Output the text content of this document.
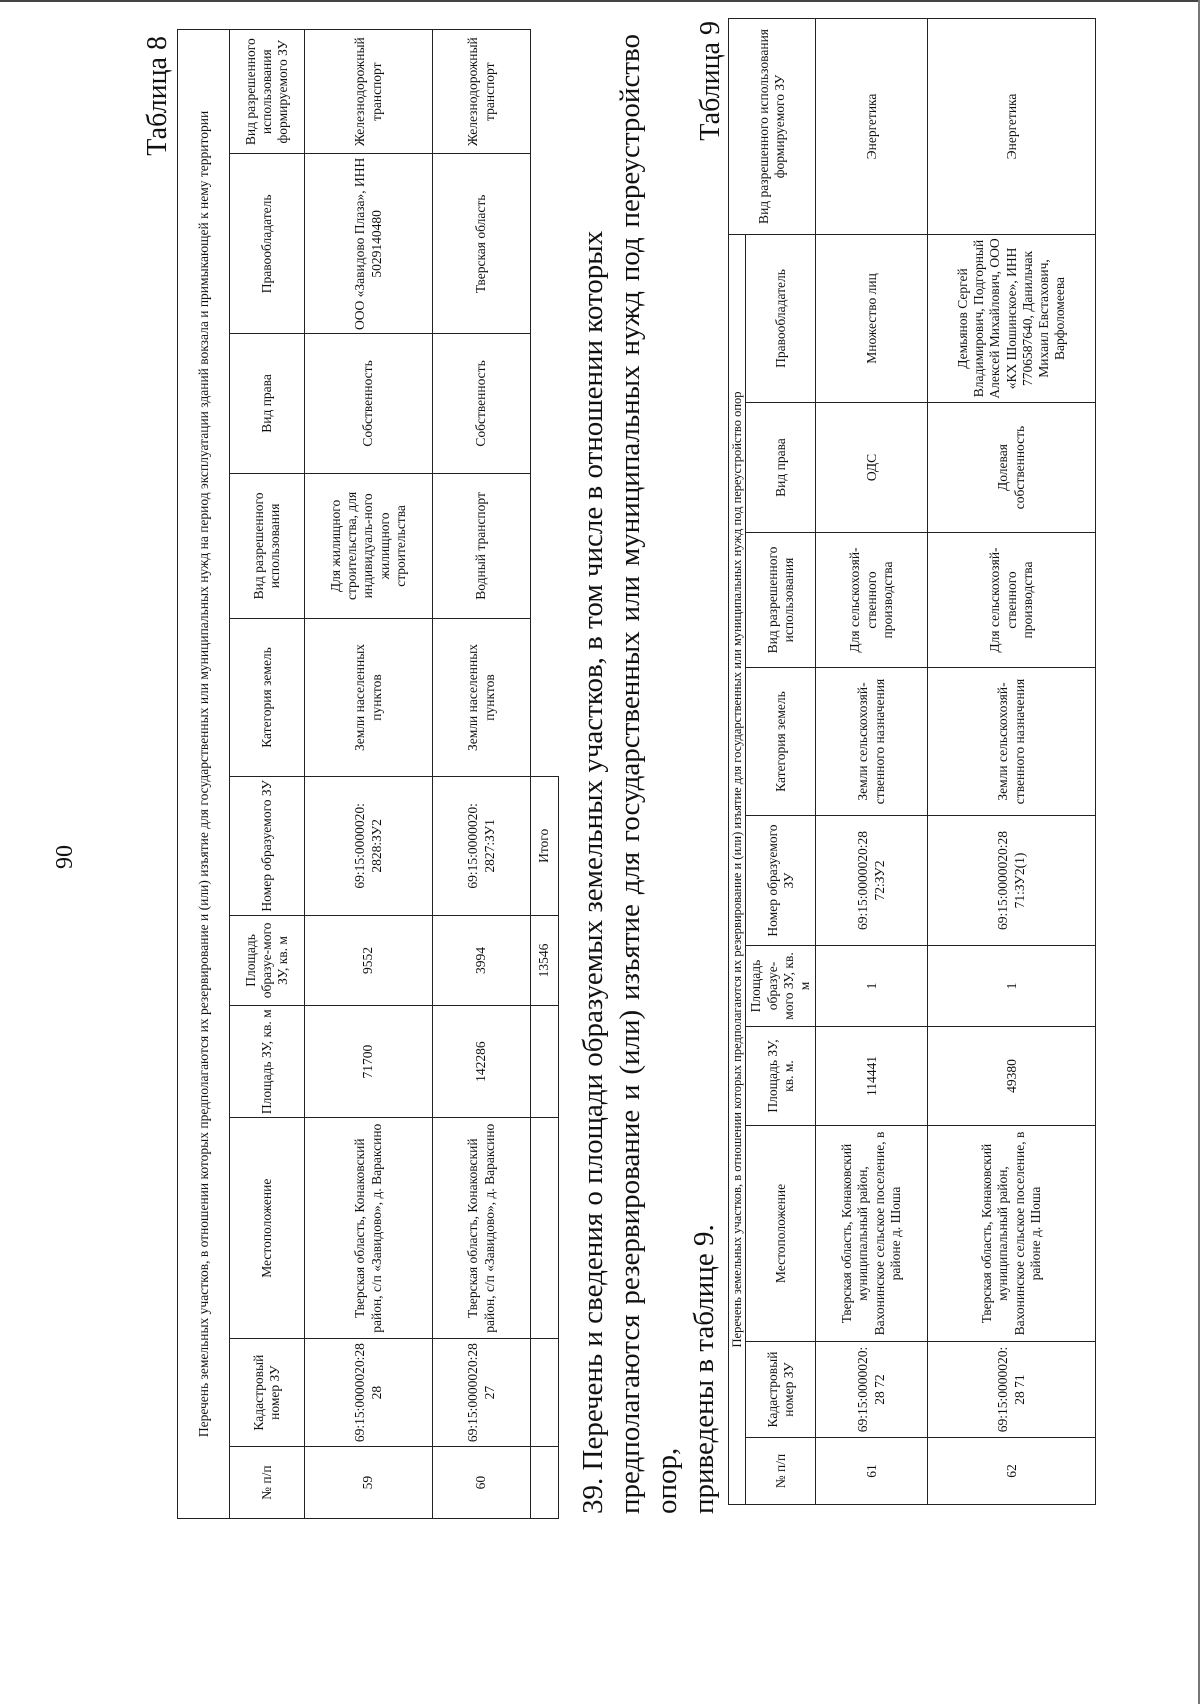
90
Таблица 8
Перечень земельных участков, в отношении которых предполагаются их резервирование и (или) изъятие для государственных или муниципальных нужд на период эксплуатации зданий вокзала и примыкающей к нему территории										
№ п/п	Кадастровый номер ЗУ	Местоположение	Площадь ЗУ, кв. м	Площадь образуе-мого ЗУ, кв. м	Номер образуемого ЗУ	Категория земель	Вид разрешенного использования	Вид права	Правообладатель	Вид разрешенного использования формируемого ЗУ
59	69:15:0000020:28 28	Тверская область, Конаковский район, с/п «Завидово», д. Вараксино	71700	9552	69:15:0000020: 2828:ЗУ2	Земли населенных пунктов	Для жилищного строительства, для индивидуаль-ного жилищного строительства	Собственность	ООО «Завидово Плаза», ИНН 5029140480	Железнодорожный транспорт
60	69:15:0000020:28 27	Тверская область, Конаковский район, с/п «Завидово», д. Вараксино	142286	3994	69:15:0000020: 2827:ЗУ1	Земли населенных пунктов	Водный транспорт	Собственность	Тверская область	Железнодорожный транспорт
				13546	Итого					39. Перечень и сведения о площади образуемых земельных участков, в том числе в отношении которых предполагаются резервирование и (или) изъятие для государственных или муниципальных нужд под переустройство опор, приведены в таблице 9.

Таблица 9
Перечень земельных участков, в отношении которых предполагаются их резервирование и (или) изъятие для государственных или муниципальных нужд под переустройство опор										Вид разрешенного использования формируемого ЗУ
№ п/п	Кадастровый номер ЗУ	Местоположение	Площадь ЗУ, кв. м.	Площадь образуе-мого ЗУ, кв. м	Номер образуемого ЗУ	Категория земель	Вид разрешенного использования	Вид права	Правообладатель	
61	69:15:0000020:28 72	Тверская область, Конаковский муниципальный район, Вахонинское сельское поселение, в районе д. Шоша	114441	1	69:15:0000020:28 72:ЗУ2	Земли сельскохозяй-ственного назначения	Для сельскохозяй-ственного производства	ОДС	Множество лиц	Энергетика
62	69:15:0000020:28 71	Тверская область, Конаковский муниципальный район, Вахонинское сельское поселение, в районе д. Шоша	49380	1	69:15:0000020:28 71:ЗУ2(1)	Земли сельскохозяй-ственного назначения	Для сельскохозяй-ственного производства	Долевая собственность	Демьянов Сергей Владимирович, Подгорный Алексей Михайлович, ООО «КХ Шошинское», ИНН 7706587640, Данильчак Михаил Евстахович, Варфоломеева	Энергетика
